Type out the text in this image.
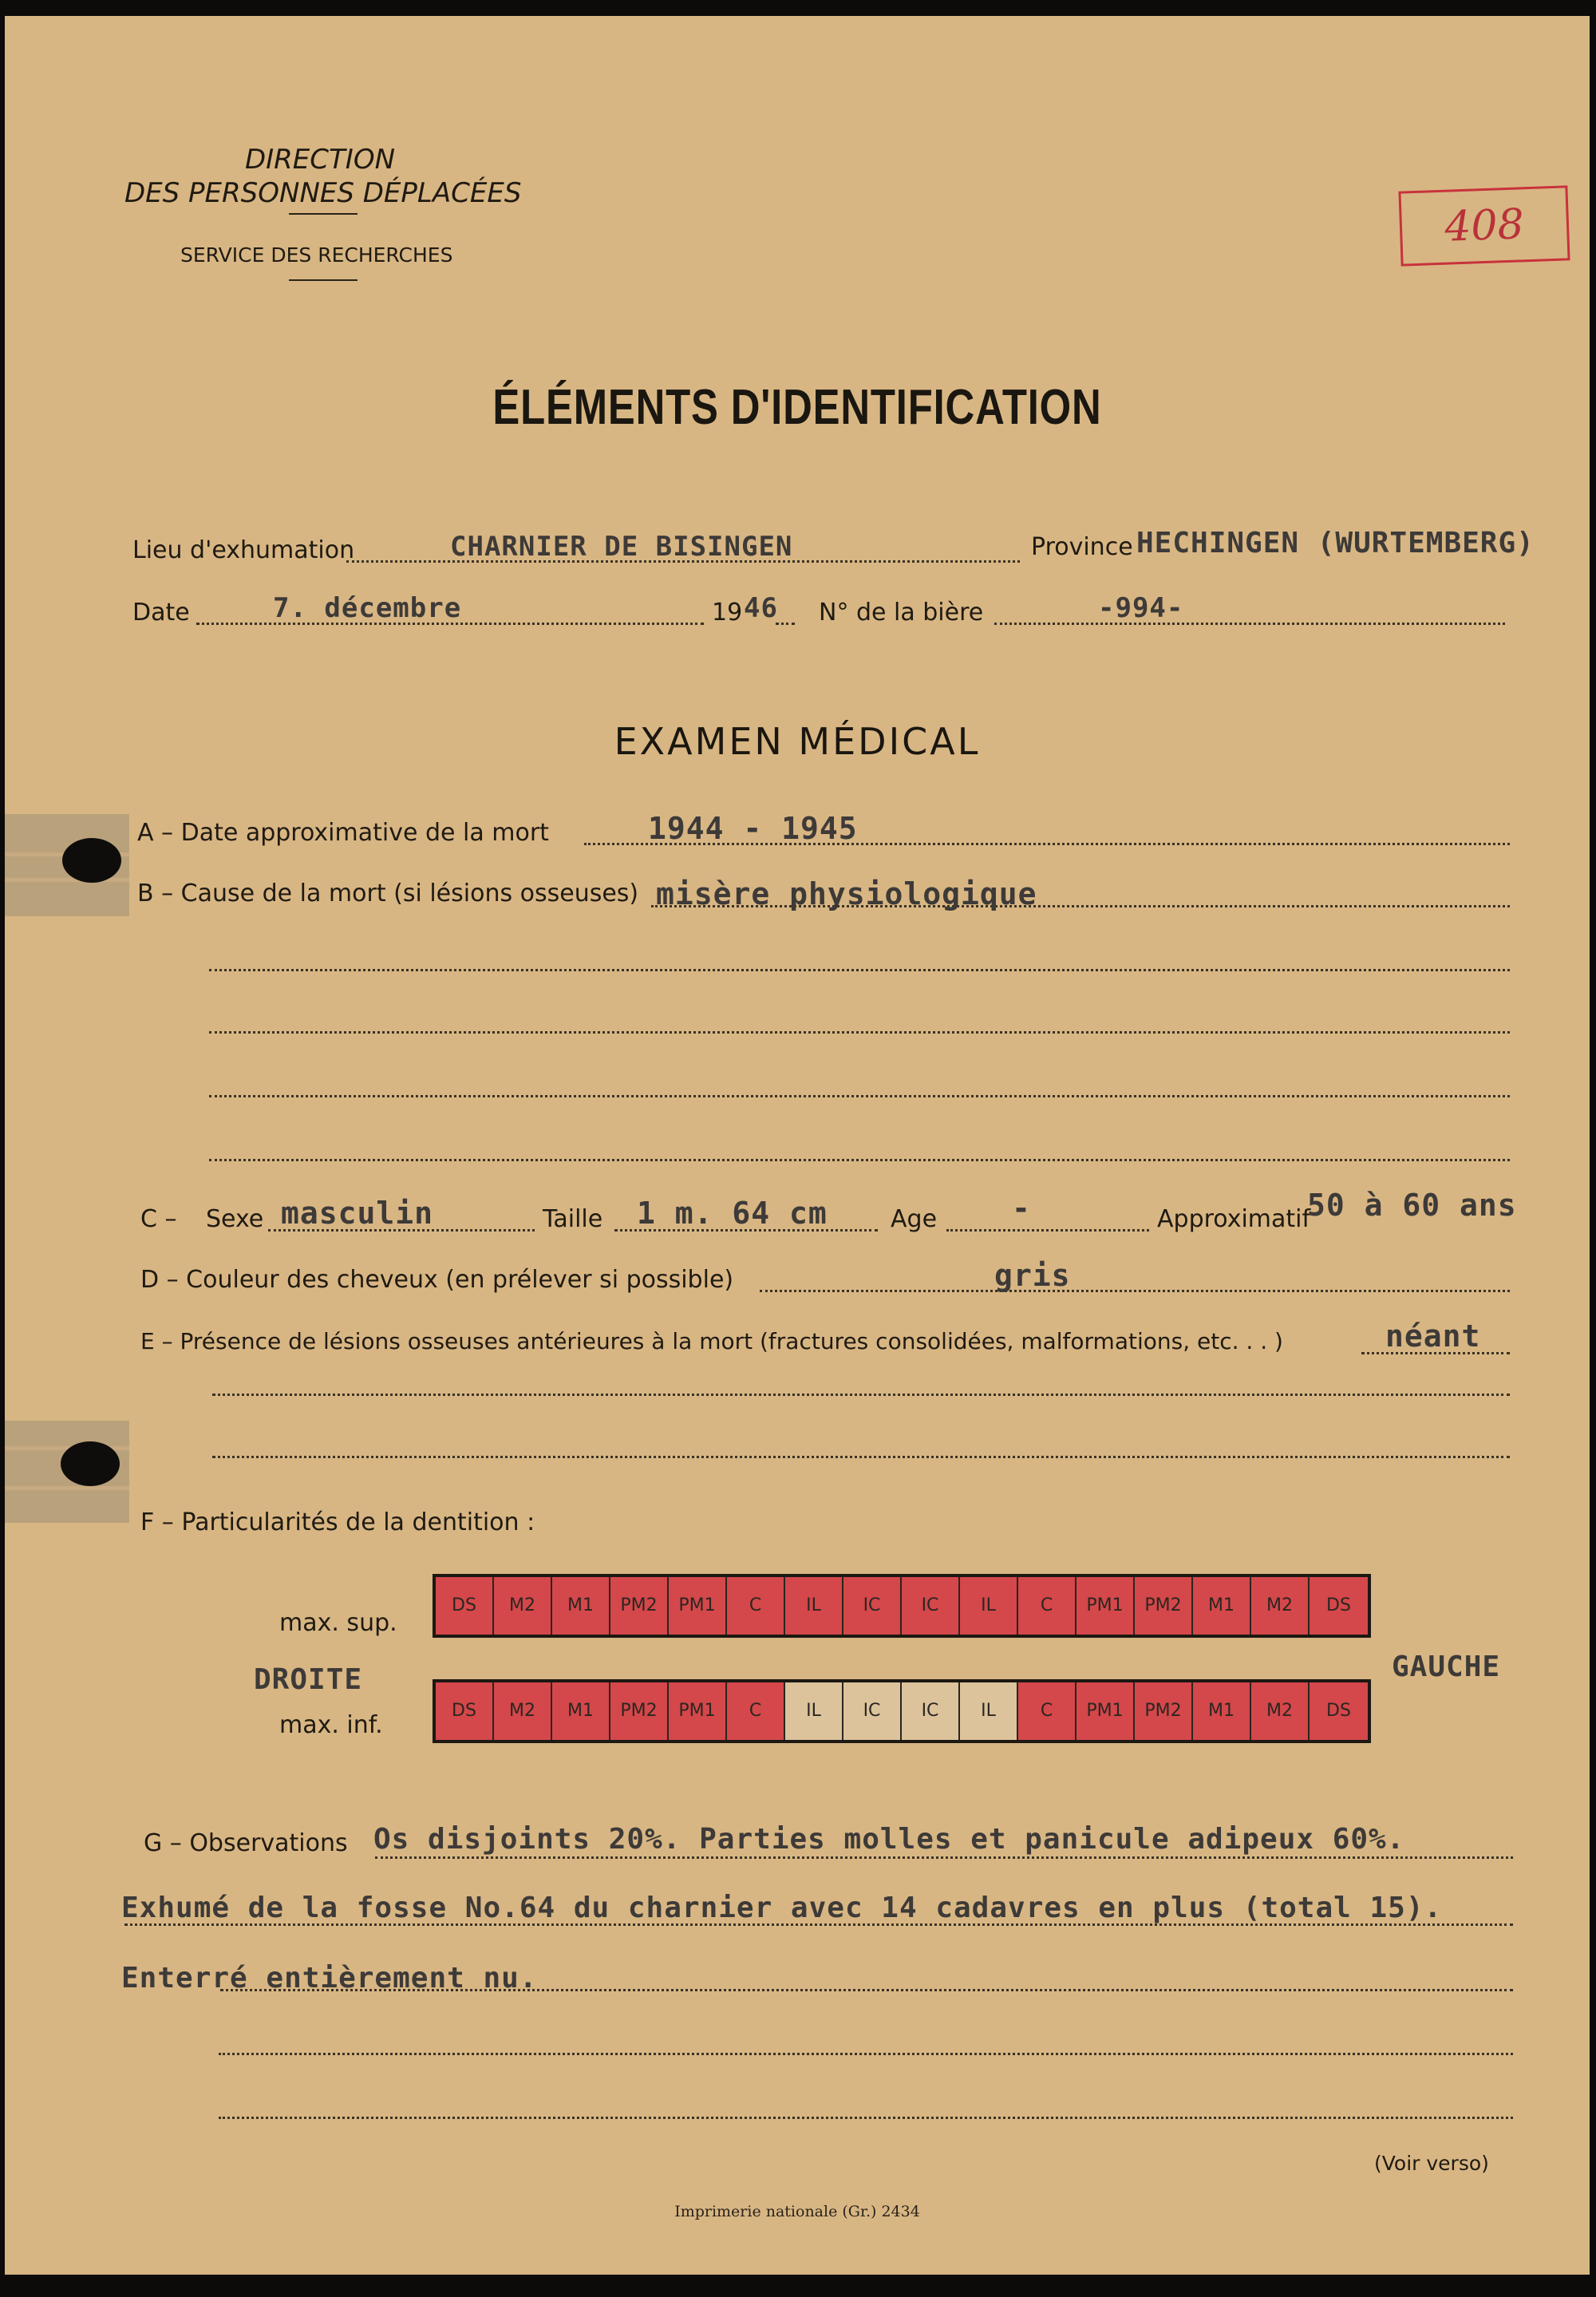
DIRECTION
DES PERSONNES DÉPLACÉES
SERVICE DES RECHERCHES
408
ÉLÉMENTS D'IDENTIFICATION
Lieu d'exhumation	CHARNIER DE BISINGEN	Province HECHINGEN (WURTEMBERG)
Date	7. décembre	19 46 N° de la bière	-994-
EXAMEN MÉDICAL
A – Date approximative de la mort	1944 - 1945
B – Cause de la mort (si lésions osseuses) misère physiologique
C – Sexe masculin	Taille 1 m. 64 cm	Age -	Approximatif
50 à 60 ans
D – Couleur des cheveux (en prélever si possible)	gris
E – Présence de lésions osseuses antérieures à la mort (fractures consolidées, malformations, etc. . . )	néant
F – Particularités de la dentition :
max. sup.
DS M 2 M 1 PM 2 PM 1 C	IL IC IC IL	C PM 1 PM 2 M 1 M 2 DS
DROITE	GAUCHE
max. inf.
DS M 2 M 1 PM 2 PM 1 C	IL IC IC IL	C PM 1 PM 2 M 1 M 2 DS
G – Observations Os disjoints 20%. Parties molles et panicule adipeux 60%.
Exhumé de la fosse No.64 du charnier avec 14 cadavres en plus (total 15).
Enterré entièrement nu.
(Voir verso)
Imprimerie nationale (Gr.) 2434
